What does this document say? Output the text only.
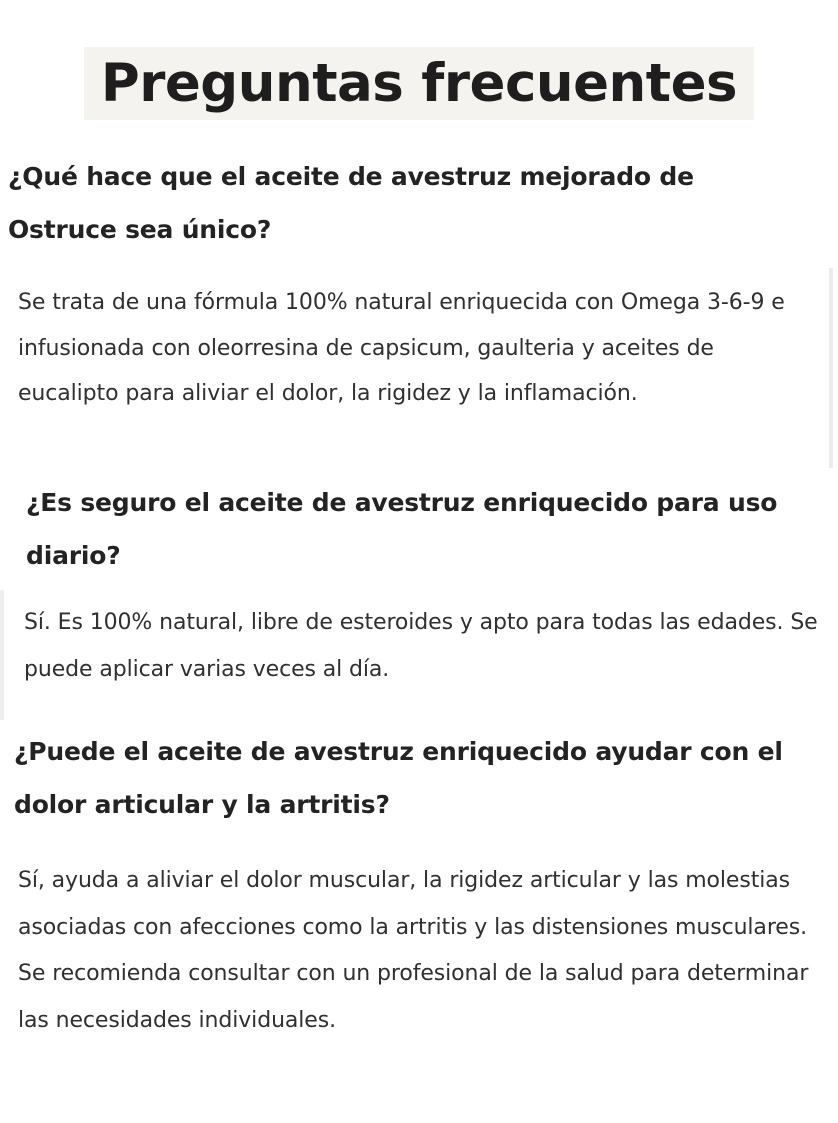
Preguntas frecuentes
¿Qué hace que el aceite de avestruz mejorado de Ostruce sea único?

Se trata de una fórmula 100% natural enriquecida con Omega 3-6-9 e infusionada con oleorresina de capsicum, gaulteria y aceites de eucalipto para aliviar el dolor, la rigidez y la inflamación.

¿Es seguro el aceite de avestruz enriquecido para uso diario?

Sí. Es 100% natural, libre de esteroides y apto para todas las edades. Se puede aplicar varias veces al día.

¿Puede el aceite de avestruz enriquecido ayudar con el dolor articular y la artritis?

Sí, ayuda a aliviar el dolor muscular, la rigidez articular y las molestias asociadas con afecciones como la artritis y las distensiones musculares. Se recomienda consultar con un profesional de la salud para determinar las necesidades individuales.
